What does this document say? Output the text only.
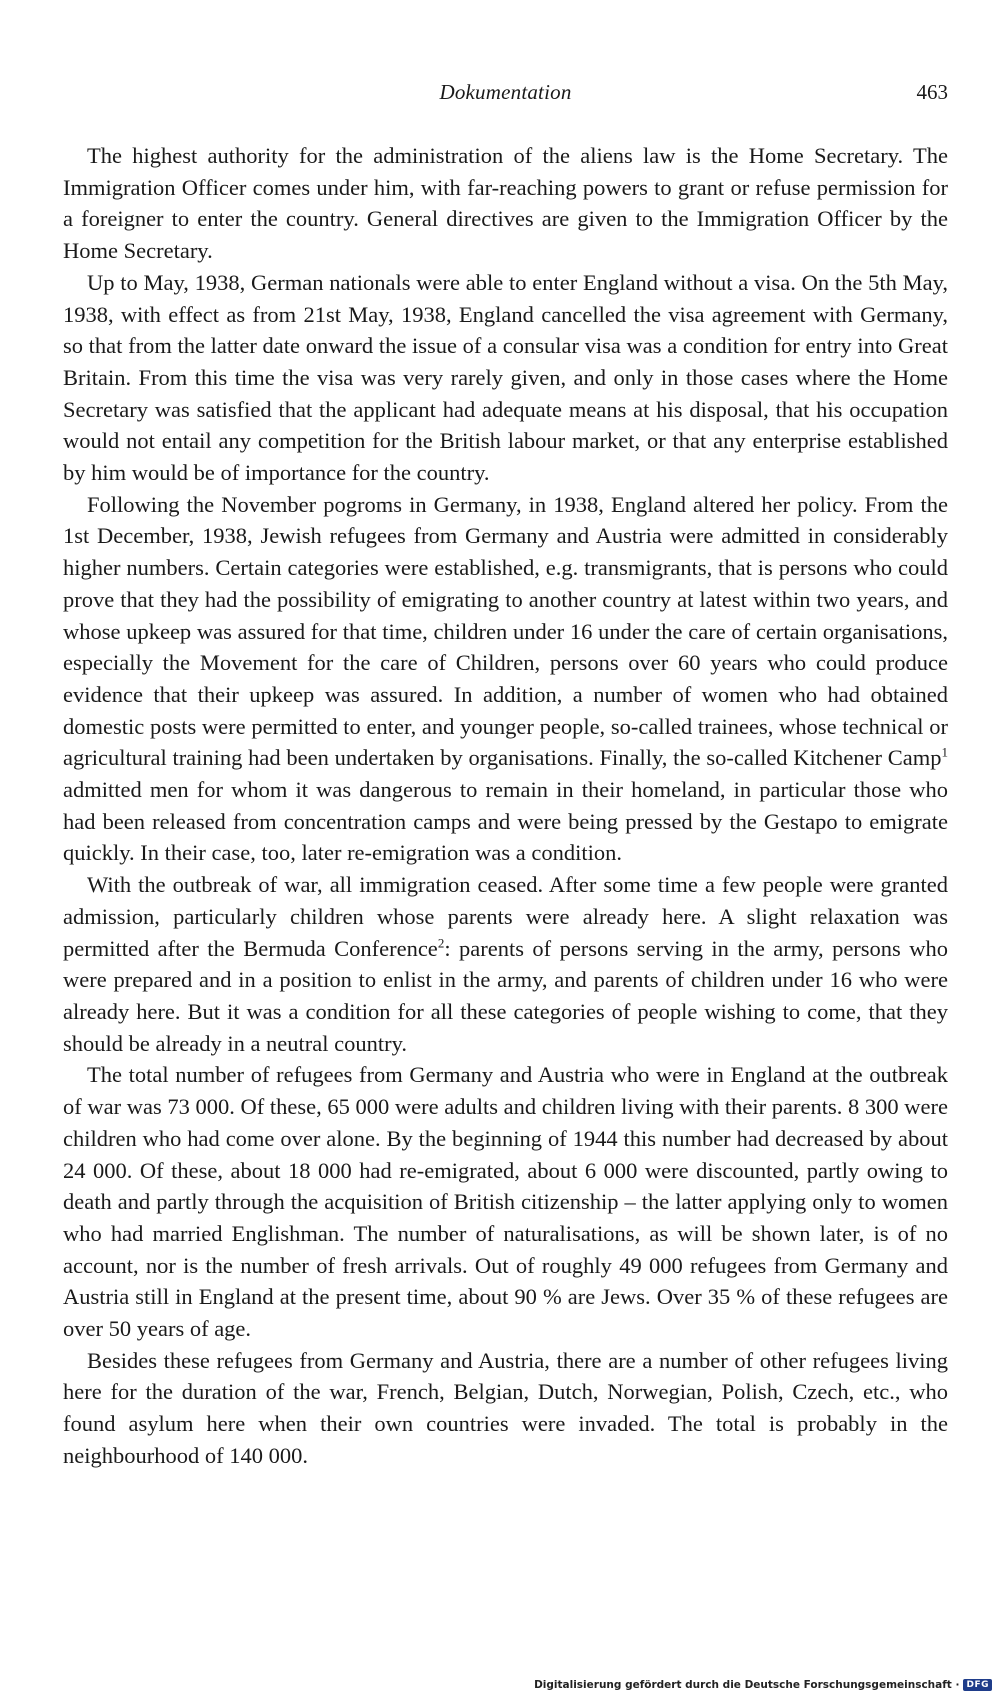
Dokumentation	463

The highest authority for the administration of the aliens law is the Home Secretary. The Immigration Officer comes under him, with far-reaching powers to grant or refuse permission for a foreigner to enter the country. General directives are given to the Immigration Officer by the Home Secretary.

Up to May, 1938, German nationals were able to enter England without a visa. On the 5th May, 1938, with effect as from 21st May, 1938, England cancelled the visa agreement with Germany, so that from the latter date onward the issue of a consular visa was a condition for entry into Great Britain. From this time the visa was very rarely given, and only in those cases where the Home Secretary was satisfied that the applicant had adequate means at his disposal, that his occupation would not entail any competition for the British labour market, or that any enterprise established by him would be of importance for the country.

Following the November pogroms in Germany, in 1938, England altered her policy. From the 1st December, 1938, Jewish refugees from Germany and Austria were admitted in considerably higher numbers. Certain categories were established, e.g. transmigrants, that is persons who could prove that they had the possibility of emigrating to another country at latest within two years, and whose upkeep was assured for that time, children under 16 under the care of certain organisations, especially the Movement for the care of Children, persons over 60 years who could produce evidence that their upkeep was assured. In addition, a number of women who had obtained domestic posts were permitted to enter, and younger people, so-called trainees, whose technical or agricultural training had been undertaken by organisations. Finally, the so-called Kitchener Camp$^1$ admitted men for whom it was dangerous to remain in their homeland, in particular those who had been released from concentration camps and were being pressed by the Gestapo to emigrate quickly. In their case, too, later re-emigration was a condition.

With the outbreak of war, all immigration ceased. After some time a few people were granted admission, particularly children whose parents were already here. A slight relaxation was permitted after the Bermuda Conference$^2$: parents of persons serving in the army, persons who were prepared and in a position to enlist in the army, and parents of children under 16 who were already here. But it was a condition for all these categories of people wishing to come, that they should be already in a neutral country.

The total number of refugees from Germany and Austria who were in England at the outbreak of war was 73 000. Of these, 65 000 were adults and children living with their parents. 8 300 were children who had come over alone. By the beginning of 1944 this number had decreased by about 24 000. Of these, about 18 000 had re-emigrated, about 6 000 were discounted, partly owing to death and partly through the acquisition of British citizenship – the latter applying only to women who had married Englishman. The number of naturalisations, as will be shown later, is of no account, nor is the number of fresh arrivals. Out of roughly 49 000 refugees from Germany and Austria still in England at the present time, about 90 % are Jews. Over 35 % of these refugees are over 50 years of age.

Besides these refugees from Germany and Austria, there are a number of other refugees living here for the duration of the war, French, Belgian, Dutch, Norwegian, Polish, Czech, etc., who found asylum here when their own countries were invaded. The total is probably in the neighbourhood of 140 000.

Digitalisierung gefördert durch die Deutsche Forschungsgemeinschaft · DFG
